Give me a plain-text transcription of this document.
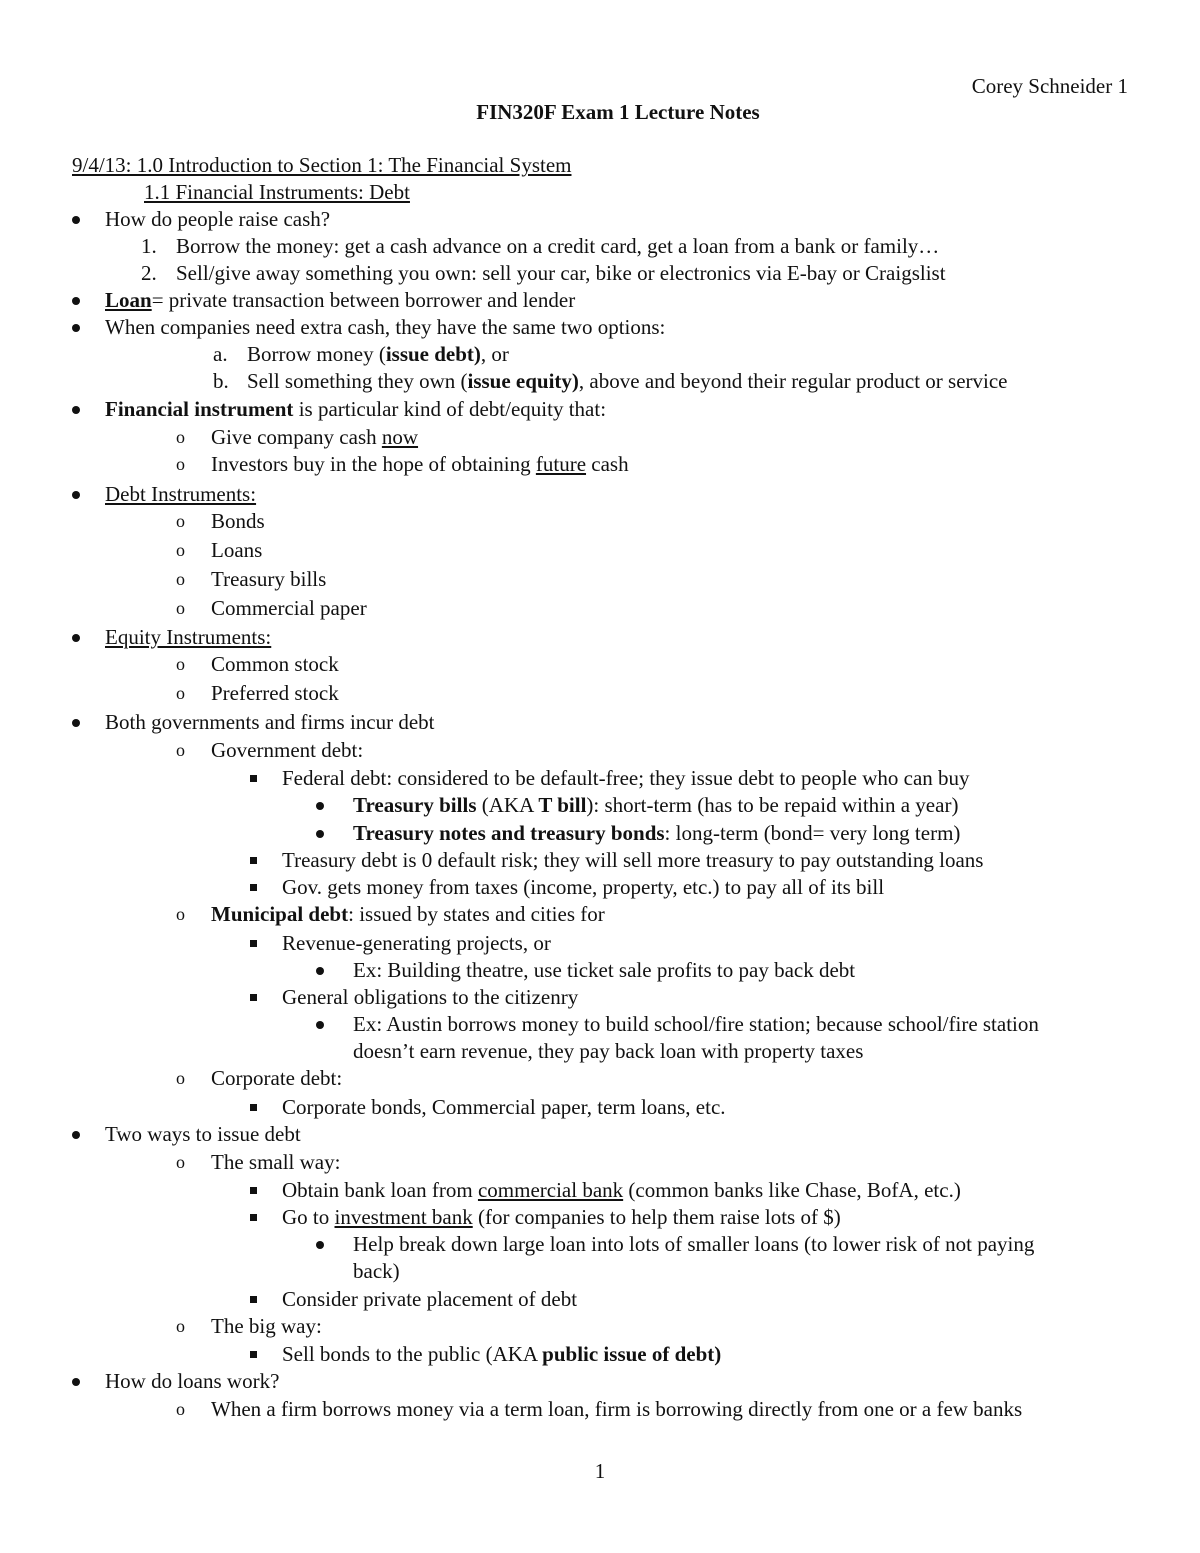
Corey Schneider 1
FIN320F Exam 1 Lecture Notes
9/4/13: 1.0 Introduction to Section 1: The Financial System
1.1 Financial Instruments: Debt
How do people raise cash?
1. Borrow the money: get a cash advance on a credit card, get a loan from a bank or family…
2. Sell/give away something you own: sell your car, bike or electronics via E-bay or Craigslist
Loan= private transaction between borrower and lender
When companies need extra cash, they have the same two options:
a. Borrow money (issue debt), or
b. Sell something they own (issue equity), above and beyond their regular product or service
Financial instrument is particular kind of debt/equity that:
o Give company cash now
o Investors buy in the hope of obtaining future cash
Debt Instruments:
o Bonds
o Loans
o Treasury bills
o Commercial paper
Equity Instruments:
o Common stock
o Preferred stock
Both governments and firms incur debt
o Government debt:
Federal debt: considered to be default-free; they issue debt to people who can buy
Treasury bills (AKA T bill): short-term (has to be repaid within a year)
Treasury notes and treasury bonds: long-term (bond= very long term)
Treasury debt is 0 default risk; they will sell more treasury to pay outstanding loans
Gov. gets money from taxes (income, property, etc.) to pay all of its bill
o Municipal debt: issued by states and cities for
Revenue-generating projects, or
Ex: Building theatre, use ticket sale profits to pay back debt
General obligations to the citizenry
Ex: Austin borrows money to build school/fire station; because school/fire station
doesn’t earn revenue, they pay back loan with property taxes
o Corporate debt:
Corporate bonds, Commercial paper, term loans, etc.
Two ways to issue debt
o The small way:
Obtain bank loan from commercial bank (common banks like Chase, BofA, etc.)
Go to investment bank (for companies to help them raise lots of $)
Help break down large loan into lots of smaller loans (to lower risk of not paying
back)
Consider private placement of debt
o The big way:
Sell bonds to the public (AKA public issue of debt)
How do loans work?
o When a firm borrows money via a term loan, firm is borrowing directly from one or a few banks
1
